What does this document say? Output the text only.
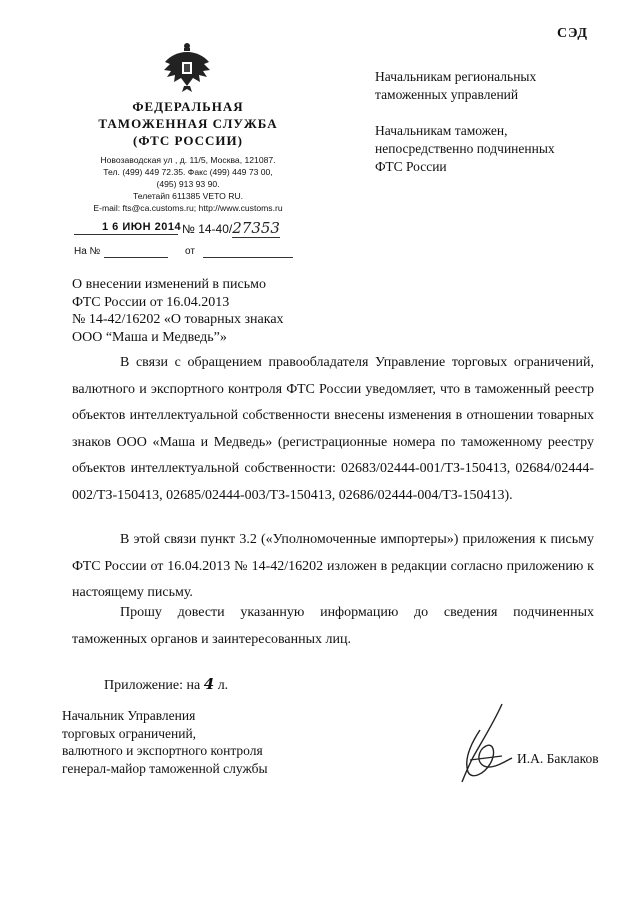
СЭД
ФЕДЕРАЛЬНАЯ
ТАМОЖЕННАЯ СЛУЖБА
(ФТС РОССИИ)
Новозаводская ул , д. 11/5, Москва, 121087.
Тел. (499) 449 72.35. Факс (499) 449 73 00,
(495) 913 93 90.
Телетайп 611385 VETO RU.
E-mail: fts@ca.customs.ru; http://www.customs.ru
1 6 ИЮН 2014 № 14-40/27353
На №	от
Начальникам региональных
таможенных управлений
Начальникам таможен,
непосредственно подчиненных
ФТС России
О внесении изменений в письмо
ФТС России от 16.04.2013
№ 14-42/16202 «О товарных знаках
ООО “Маша и Медведь”»

В связи с обращением правообладателя Управление торговых ограничений, валютного и экспортного контроля ФТС России уведомляет, что в таможенный реестр объектов интеллектуальной собственности внесены изменения в отношении товарных знаков ООО «Маша и Медведь» (регистрационные номера по таможенному реестру объектов интеллектуальной собственности: 02683/02444-001/ТЗ-150413, 02684/02444-002/ТЗ-150413, 02685/02444-003/ТЗ-150413, 02686/02444-004/ТЗ-150413).

В этой связи пункт 3.2 («Уполномоченные импортеры») приложения к письму ФТС России от 16.04.2013 № 14-42/16202 изложен в редакции согласно приложению к настоящему письму.

Прошу довести указанную информацию до сведения подчиненных таможенных органов и заинтересованных лиц.

Приложение: на 4 л.
Начальник Управления
торговых ограничений,
валютного и экспортного контроля
генерал-майор таможенной службы
И.А. Баклаков
